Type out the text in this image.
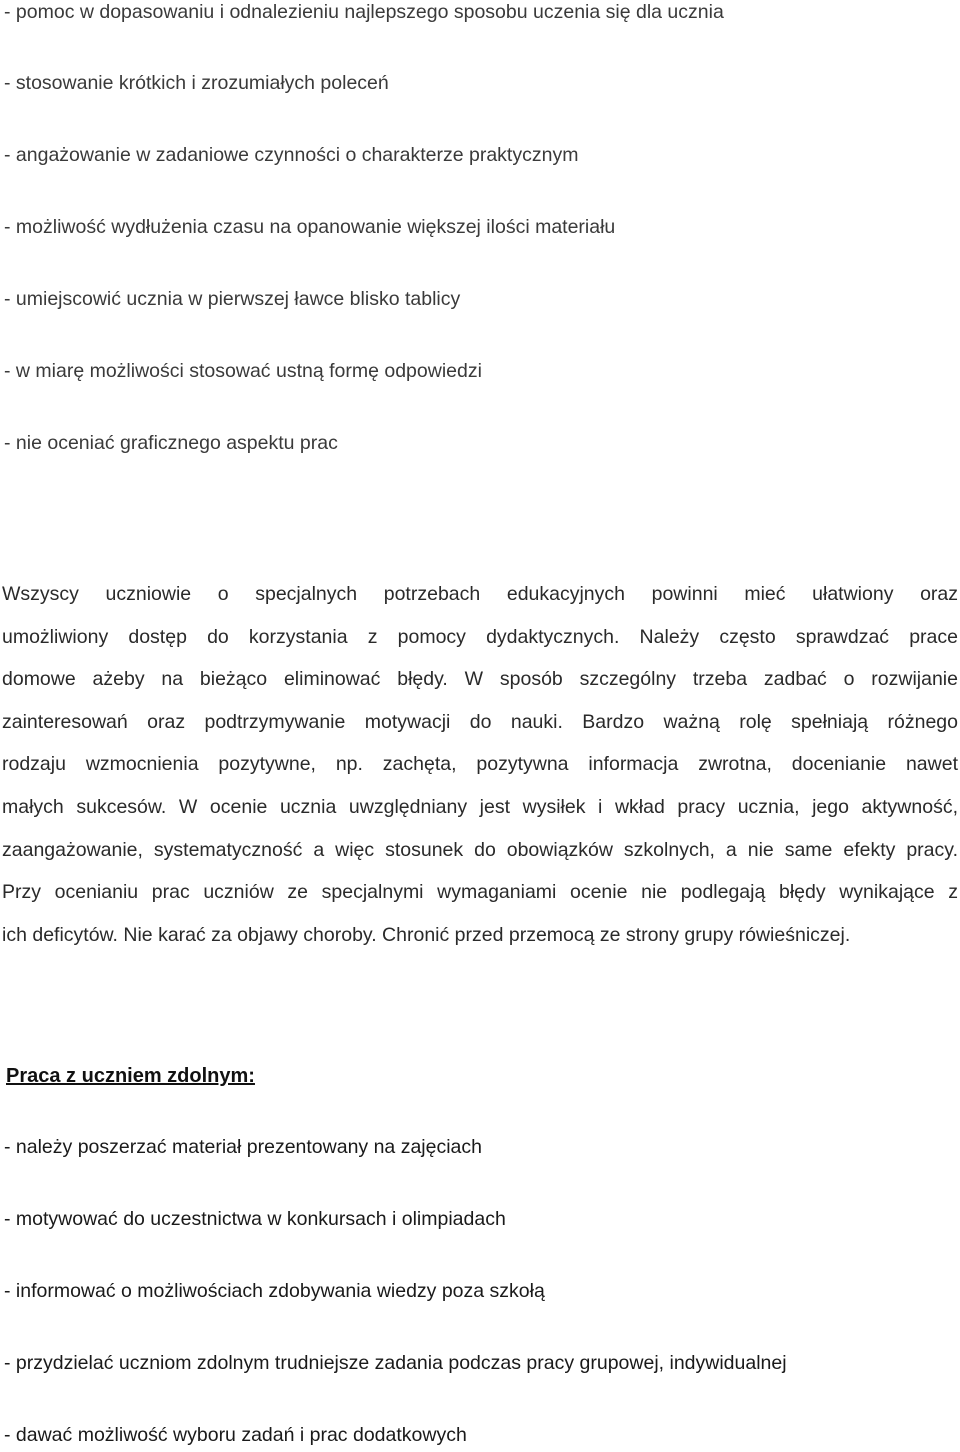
- pomoc w dopasowaniu i odnalezieniu najlepszego sposobu uczenia się dla ucznia
- stosowanie krótkich i zrozumiałych poleceń
- angażowanie w zadaniowe czynności o charakterze praktycznym
- możliwość wydłużenia czasu na opanowanie większej ilości materiału
- umiejscowić ucznia w pierwszej ławce blisko tablicy
- w miarę możliwości stosować ustną formę odpowiedzi
- nie oceniać graficznego aspektu prac
Wszyscy uczniowie o specjalnych potrzebach edukacyjnych powinni mieć ułatwiony oraz
umożliwiony dostęp do korzystania z pomocy dydaktycznych. Należy często sprawdzać prace
domowe ażeby na bieżąco eliminować błędy. W sposób szczególny trzeba zadbać o rozwijanie
zainteresowań oraz podtrzymywanie motywacji do nauki. Bardzo ważną rolę spełniają różnego
rodzaju wzmocnienia pozytywne, np. zachęta, pozytywna informacja zwrotna, docenianie nawet
małych sukcesów. W ocenie ucznia uwzględniany jest wysiłek i wkład pracy ucznia, jego aktywność,
zaangażowanie, systematyczność a więc stosunek do obowiązków szkolnych, a nie same efekty pracy.
Przy ocenianiu prac uczniów ze specjalnymi wymaganiami ocenie nie podlegają błędy wynikające z
ich deficytów. Nie karać za objawy choroby. Chronić przed przemocą ze strony grupy rówieśniczej.
Praca z uczniem zdolnym:
- należy poszerzać materiał prezentowany na zajęciach
- motywować do uczestnictwa w konkursach i olimpiadach
- informować o możliwościach zdobywania wiedzy poza szkołą
- przydzielać uczniom zdolnym trudniejsze zadania podczas pracy grupowej, indywidualnej
- dawać możliwość wyboru zadań i prac dodatkowych
